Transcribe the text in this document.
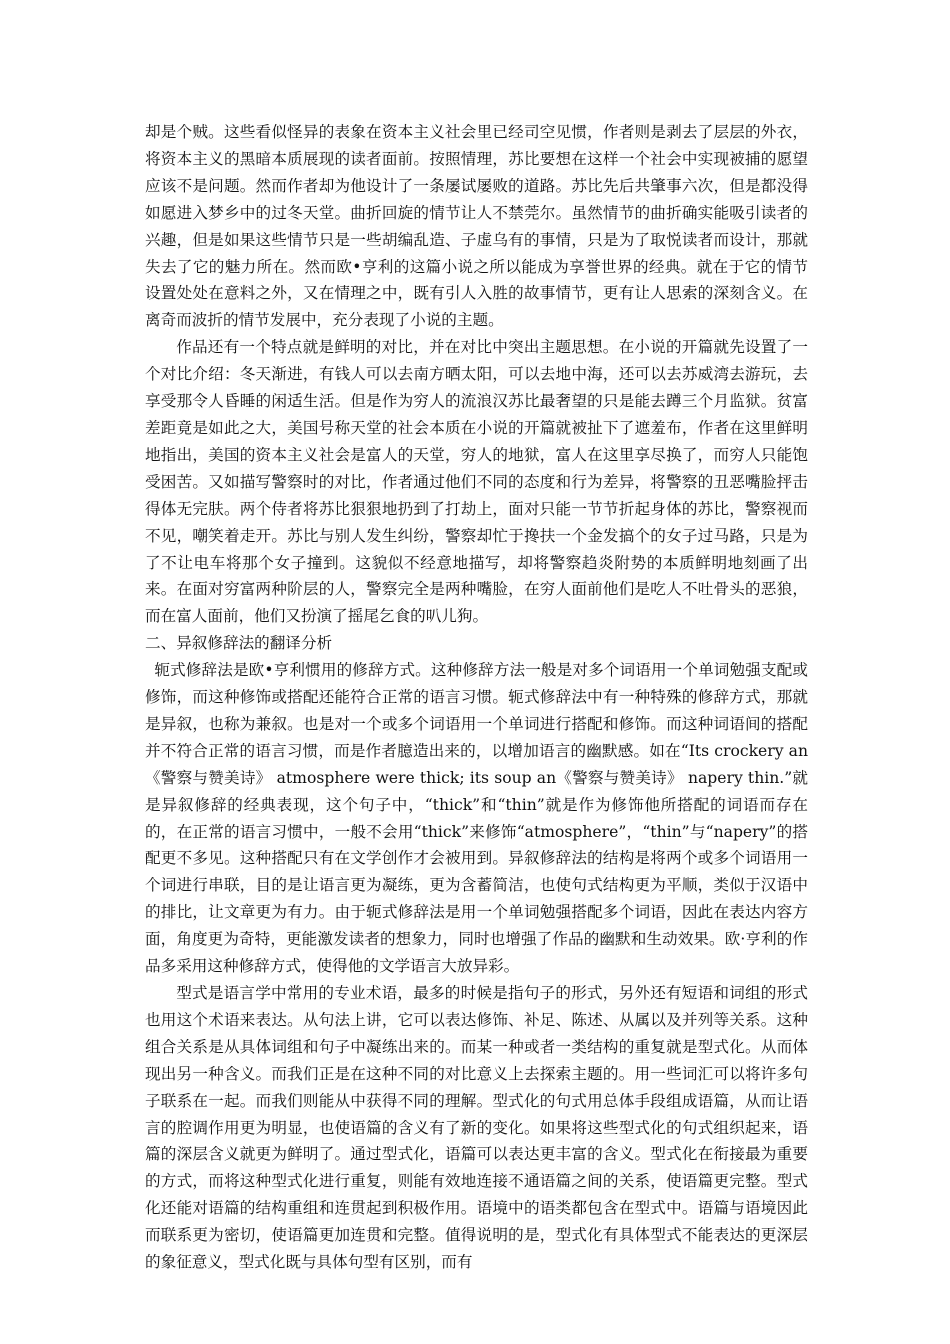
却是个贼。这些看似怪异的表象在资本主义社会里已经司空见惯，作者则是剥去了层层的外衣，将资本主义的黑暗本质展现的读者面前。按照情理，苏比要想在这样一个社会中实现被捕的愿望应该不是问题。然而作者却为他设计了一条屡试屡败的道路。苏比先后共肇事六次，但是都没得如愿进入梦乡中的过冬天堂。曲折回旋的情节让人不禁莞尔。虽然情节的曲折确实能吸引读者的兴趣，但是如果这些情节只是一些胡编乱造、子虚乌有的事情，只是为了取悦读者而设计，那就失去了它的魅力所在。然而欧•亨利的这篇小说之所以能成为享誉世界的经典。就在于它的情节设置处处在意料之外，又在情理之中，既有引人入胜的故事情节，更有让人思索的深刻含义。在离奇而波折的情节发展中，充分表现了小说的主题。

作品还有一个特点就是鲜明的对比，并在对比中突出主题思想。在小说的开篇就先设置了一个对比介绍：冬天渐进，有钱人可以去南方晒太阳，可以去地中海，还可以去苏威湾去游玩，去享受那令人昏睡的闲适生活。但是作为穷人的流浪汉苏比最奢望的只是能去蹲三个月监狱。贫富差距竟是如此之大，美国号称天堂的社会本质在小说的开篇就被扯下了遮羞布，作者在这里鲜明地指出，美国的资本主义社会是富人的天堂，穷人的地狱，富人在这里享尽换了，而穷人只能饱受困苦。又如描写警察时的对比，作者通过他们不同的态度和行为差异，将警察的丑恶嘴脸抨击得体无完肤。两个侍者将苏比狠狠地扔到了打劫上，面对只能一节节折起身体的苏比，警察视而不见，嘲笑着走开。苏比与别人发生纠纷，警察却忙于搀扶一个金发搞个的女子过马路，只是为了不让电车将那个女子撞到。这貌似不经意地描写，却将警察趋炎附势的本质鲜明地刻画了出来。在面对穷富两种阶层的人，警察完全是两种嘴脸，在穷人面前他们是吃人不吐骨头的恶狼，而在富人面前，他们又扮演了摇尾乞食的叭儿狗。

二、异叙修辞法的翻译分析

轭式修辞法是欧•亨利惯用的修辞方式。这种修辞方法一般是对多个词语用一个单词勉强支配或修饰，而这种修饰或搭配还能符合正常的语言习惯。轭式修辞法中有一种特殊的修辞方式，那就是异叙，也称为兼叙。也是对一个或多个词语用一个单词进行搭配和修饰。而这种词语间的搭配并不符合正常的语言习惯，而是作者臆造出来的，以增加语言的幽默感。如在“Its crockery an《警察与赞美诗》 atmosphere were thick; its soup an《警察与赞美诗》 napery thin.”就是异叙修辞的经典表现，这个句子中，“thick”和“thin”就是作为修饰他所搭配的词语而存在的，在正常的语言习惯中，一般不会用“thick”来修饰“atmosphere”，“thin”与“napery”的搭配更不多见。这种搭配只有在文学创作才会被用到。异叙修辞法的结构是将两个或多个词语用一个词进行串联，目的是让语言更为凝练，更为含蓄简洁，也使句式结构更为平顺，类似于汉语中的排比，让文章更为有力。由于轭式修辞法是用一个单词勉强搭配多个词语，因此在表达内容方面，角度更为奇特，更能激发读者的想象力，同时也增强了作品的幽默和生动效果。欧·亨利的作品多采用这种修辞方式，使得他的文学语言大放异彩。

型式是语言学中常用的专业术语，最多的时候是指句子的形式，另外还有短语和词组的形式也用这个术语来表达。从句法上讲，它可以表达修饰、补足、陈述、从属以及并列等关系。这种组合关系是从具体词组和句子中凝练出来的。而某一种或者一类结构的重复就是型式化。从而体现出另一种含义。而我们正是在这种不同的对比意义上去探索主题的。用一些词汇可以将许多句子联系在一起。而我们则能从中获得不同的理解。型式化的句式用总体手段组成语篇，从而让语言的腔调作用更为明显，也使语篇的含义有了新的变化。如果将这些型式化的句式组织起来，语篇的深层含义就更为鲜明了。通过型式化，语篇可以表达更丰富的含义。型式化在衔接最为重要的方式，而将这种型式化进行重复，则能有效地连接不通语篇之间的关系，使语篇更完整。型式化还能对语篇的结构重组和连贯起到积极作用。语境中的语类都包含在型式中。语篇与语境因此而联系更为密切，使语篇更加连贯和完整。值得说明的是，型式化有具体型式不能表达的更深层的象征意义，型式化既与具体句型有区别，而有
